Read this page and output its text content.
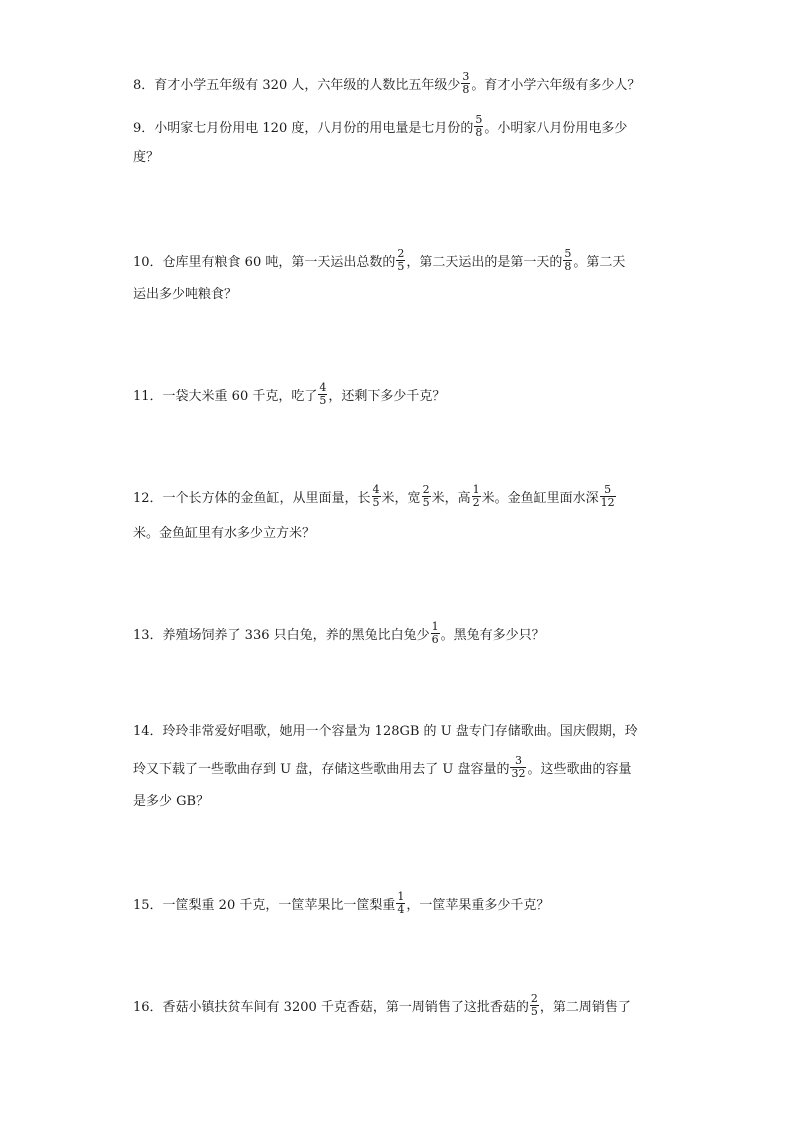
8．育才小学五年级有 320 人，六年级的人数比五年级少 $\frac{3}{8}$ 。育才小学六年级有多少人？
9．小明家七月份用电 120 度，八月份的用电量是七月份的 $\frac{5}{8}$ 。小明家八月份用电多少
度？
10．仓库里有粮食 60 吨，第一天运出总数的 $\frac{2}{5}$ ，第二天运出的是第一天的 $\frac{5}{8}$ 。第二天
运出多少吨粮食？
11．一袋大米重 60 千克，吃了 $\frac{4}{5}$ ，还剩下多少千克？
12．一个长方体的金鱼缸，从里面量，长 $\frac{4}{5}$ 米，宽 $\frac{2}{5}$ 米，高 $\frac{1}{2}$ 米。金鱼缸里面水深 $\frac{5}{12}$
米。金鱼缸里有水多少立方米？
13．养殖场饲养了 336 只白兔，养的黑兔比白兔少 $\frac{1}{6}$ 。黑兔有多少只？
14．玲玲非常爱好唱歌，她用一个容量为 128GB 的 U 盘专门存储歌曲。国庆假期，玲
玲又下载了一些歌曲存到 U 盘，存储这些歌曲用去了 U 盘容量的 $\frac{3}{32}$ 。这些歌曲的容量
是多少 GB？
15．一筐梨重 20 千克，一筐苹果比一筐梨重 $\frac{1}{4}$ ，一筐苹果重多少千克？
16．香菇小镇扶贫车间有 3200 千克香菇，第一周销售了这批香菇的 $\frac{2}{5}$ ，第二周销售了
